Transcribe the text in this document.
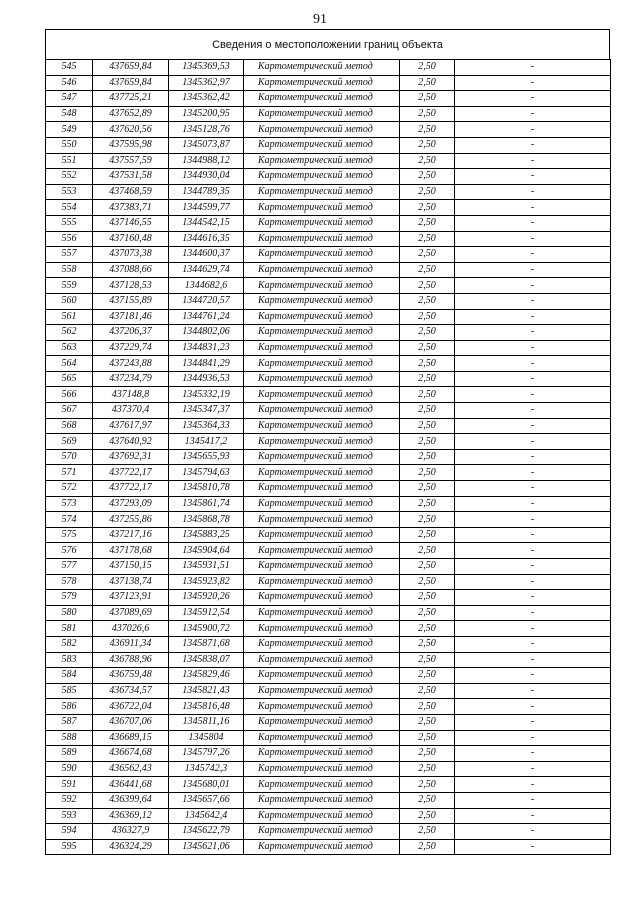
91
Сведения о местоположении границ объекта
545	437659,84	1345369,53	Картометрический метод	2,50	-
546	437659,84	1345362,97	Картометрический метод	2,50	-
547	437725,21	1345362,42	Картометрический метод	2,50	-
548	437652,89	1345200,95	Картометрический метод	2,50	-
549	437620,56	1345128,76	Картометрический метод	2,50	-
550	437595,98	1345073,87	Картометрический метод	2,50	-
551	437557,59	1344988,12	Картометрический метод	2,50	-
552	437531,58	1344930,04	Картометрический метод	2,50	-
553	437468,59	1344789,35	Картометрический метод	2,50	-
554	437383,71	1344599,77	Картометрический метод	2,50	-
555	437146,55	1344542,15	Картометрический метод	2,50	-
556	437160,48	1344616,35	Картометрический метод	2,50	-
557	437073,38	1344600,37	Картометрический метод	2,50	-
558	437088,66	1344629,74	Картометрический метод	2,50	-
559	437128,53	1344682,6	Картометрический метод	2,50	-
560	437155,89	1344720,57	Картометрический метод	2,50	-
561	437181,46	1344761,24	Картометрический метод	2,50	-
562	437206,37	1344802,06	Картометрический метод	2,50	-
563	437229,74	1344831,23	Картометрический метод	2,50	-
564	437243,88	1344841,29	Картометрический метод	2,50	-
565	437234,79	1344936,53	Картометрический метод	2,50	-
566	437148,8	1345332,19	Картометрический метод	2,50	-
567	437370,4	1345347,37	Картометрический метод	2,50	-
568	437617,97	1345364,33	Картометрический метод	2,50	-
569	437640,92	1345417,2	Картометрический метод	2,50	-
570	437692,31	1345655,93	Картометрический метод	2,50	-
571	437722,17	1345794,63	Картометрический метод	2,50	-
572	437722,17	1345810,78	Картометрический метод	2,50	-
573	437293,09	1345861,74	Картометрический метод	2,50	-
574	437255,86	1345868,78	Картометрический метод	2,50	-
575	437217,16	1345883,25	Картометрический метод	2,50	-
576	437178,68	1345904,64	Картометрический метод	2,50	-
577	437150,15	1345931,51	Картометрический метод	2,50	-
578	437138,74	1345923,82	Картометрический метод	2,50	-
579	437123,91	1345920,26	Картометрический метод	2,50	-
580	437089,69	1345912,54	Картометрический метод	2,50	-
581	437026,6	1345900,72	Картометрический метод	2,50	-
582	436911,34	1345871,68	Картометрический метод	2,50	-
583	436788,96	1345838,07	Картометрический метод	2,50	-
584	436759,48	1345829,46	Картометрический метод	2,50	-
585	436734,57	1345821,43	Картометрический метод	2,50	-
586	436722,04	1345816,48	Картометрический метод	2,50	-
587	436707,06	1345811,16	Картометрический метод	2,50	-
588	436689,15	1345804	Картометрический метод	2,50	-
589	436674,68	1345797,26	Картометрический метод	2,50	-
590	436562,43	1345742,3	Картометрический метод	2,50	-
591	436441,68	1345680,01	Картометрический метод	2,50	-
592	436399,64	1345657,66	Картометрический метод	2,50	-
593	436369,12	1345642,4	Картометрический метод	2,50	-
594	436327,9	1345622,79	Картометрический метод	2,50	-
595	436324,29	1345621,06	Картометрический метод	2,50	-
